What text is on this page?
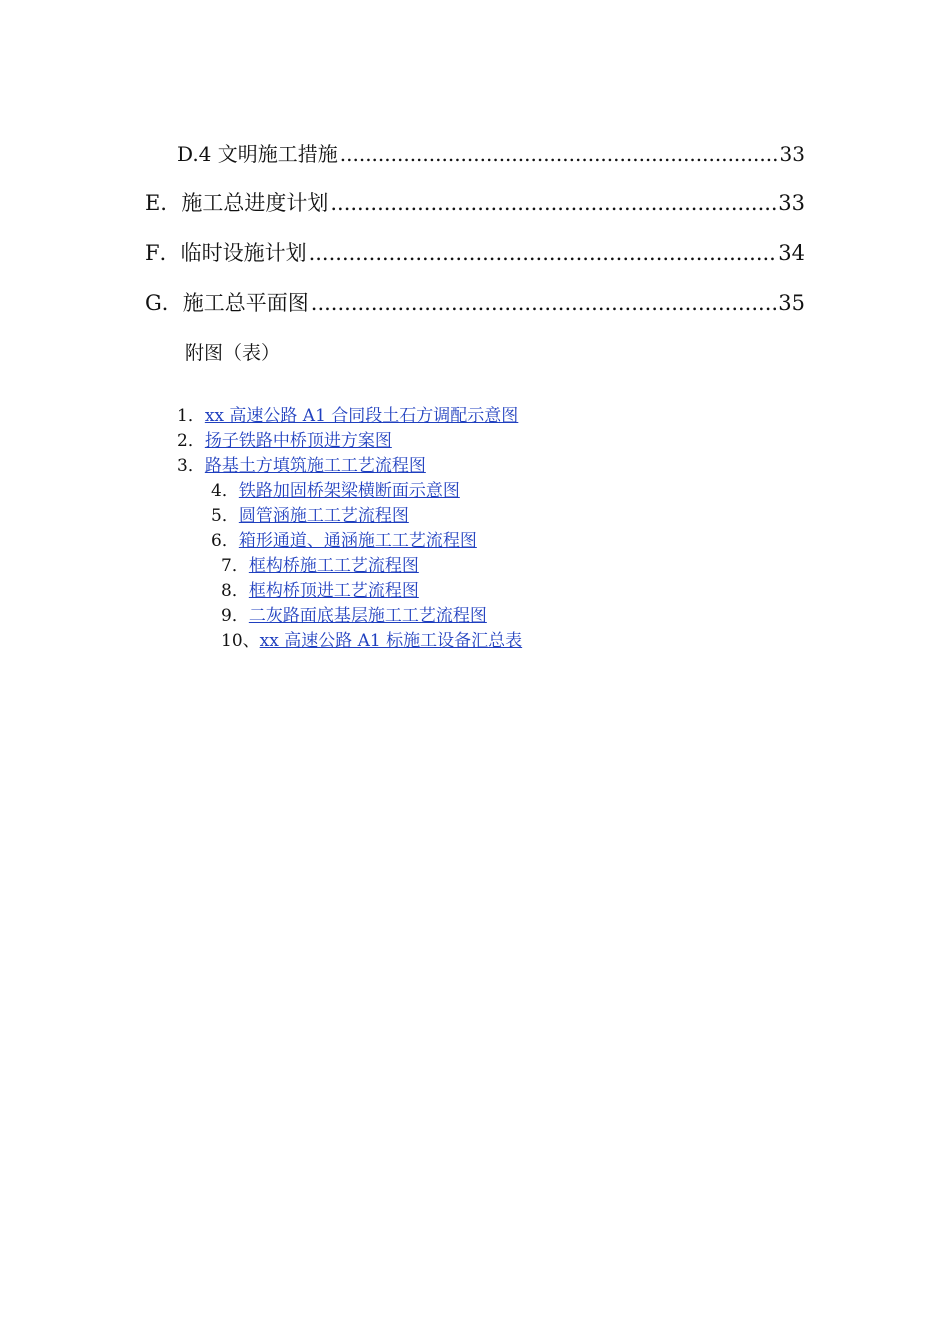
D.4 文明施工措施 .....	33
E．施工总进度计划 .....	33
F．临时设施计划 .....	34
G．施工总平面图 .....	35
附图（表）
1．xx 高速公路 A1 合同段土石方调配示意图
2．扬子铁路中桥顶进方案图
3．路基土方填筑施工工艺流程图
4．铁路加固桥架梁横断面示意图
5．圆管涵施工工艺流程图
6．箱形通道、通涵施工工艺流程图
7．框构桥施工工艺流程图
8．框构桥顶进工艺流程图
9．二灰路面底基层施工工艺流程图
10、xx 高速公路 A1 标施工设备汇总表
